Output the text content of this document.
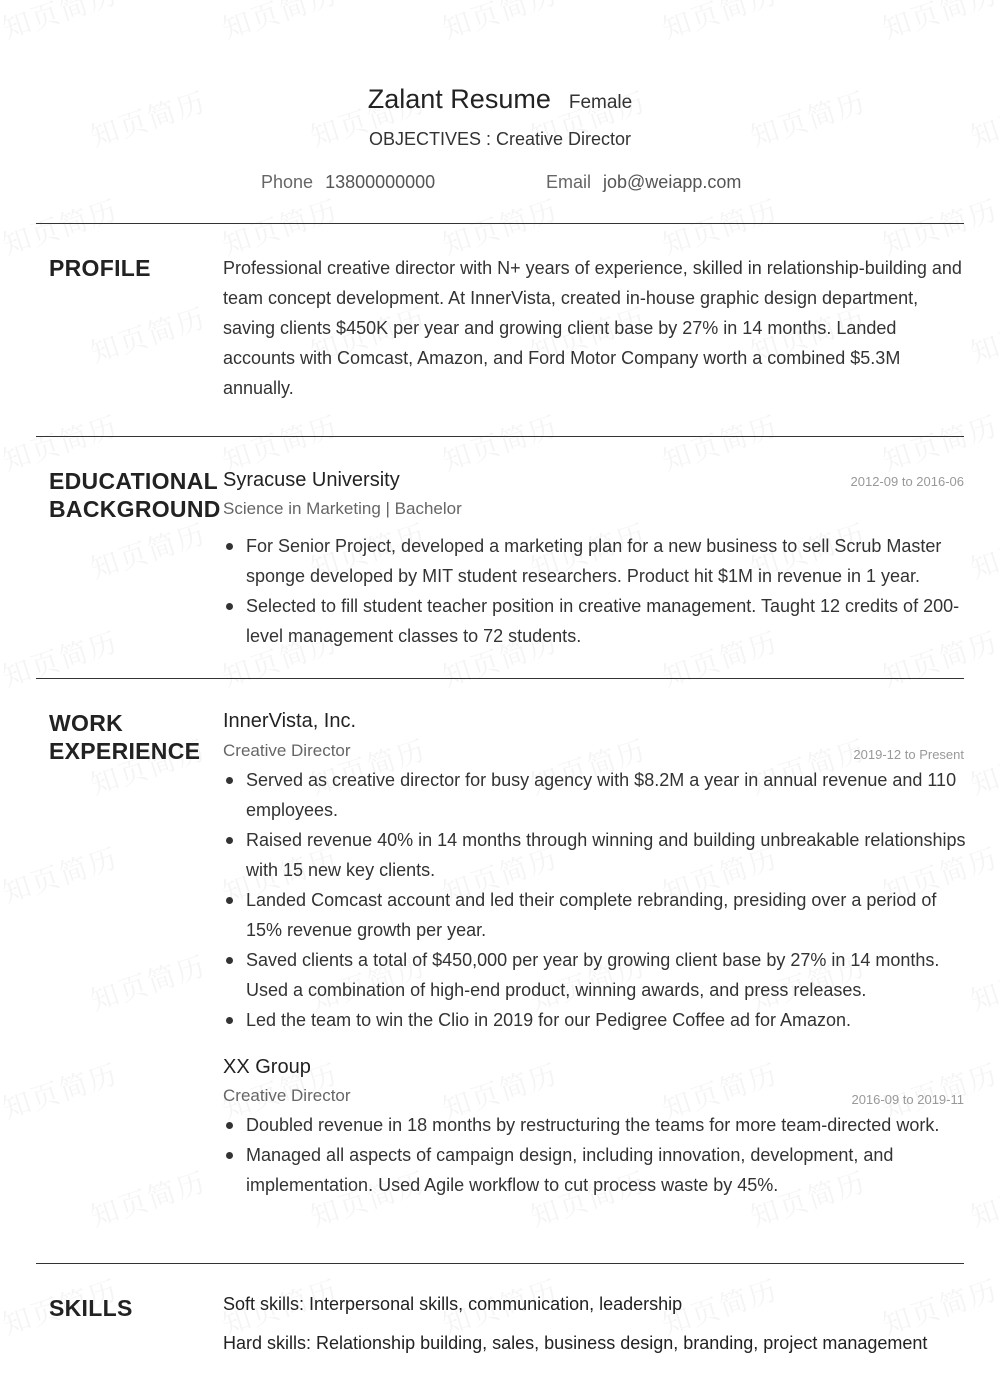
Zalant Resume Female
OBJECTIVES : Creative Director
Phone 13800000000	Email job@weiapp.com
PROFILE	Professional creative director with N+ years of experience, skilled in relationship-building and team concept development. At InnerVista, created in-house graphic design department, saving clients $450K per year and growing client base by 27% in 14 months. Landed accounts with Comcast, Amazon, and Ford Motor Company worth a combined $5.3M annually.
EDUCATIONAL
BACKGROUND
Syracuse University	2012-09 to 2016-06
Science in Marketing | Bachelor
For Senior Project, developed a marketing plan for a new business to sell Scrub Master sponge developed by MIT student researchers. Product hit $1M in revenue in 1 year.
Selected to fill student teacher position in creative management. Taught 12 credits of 200-level management classes to 72 students.
WORK
EXPERIENCE
InnerVista, Inc.
Creative Director	2019-12 to Present
Served as creative director for busy agency with $8.2M a year in annual revenue and 110 employees.
Raised revenue 40% in 14 months through winning and building unbreakable relationships with 15 new key clients.
Landed Comcast account and led their complete rebranding, presiding over a period of 15% revenue growth per year.
Saved clients a total of $450,000 per year by growing client base by 27% in 14 months. Used a combination of high-end product, winning awards, and press releases.
Led the team to win the Clio in 2019 for our Pedigree Coffee ad for Amazon.
XX Group
Creative Director	2016-09 to 2019-11
Doubled revenue in 18 months by restructuring the teams for more team-directed work.
Managed all aspects of campaign design, including innovation, development, and implementation. Used Agile workflow to cut process waste by 45%.
SKILLS	Soft skills: Interpersonal skills, communication, leadership
Hard skills: Relationship building, sales, business design, branding, project management
